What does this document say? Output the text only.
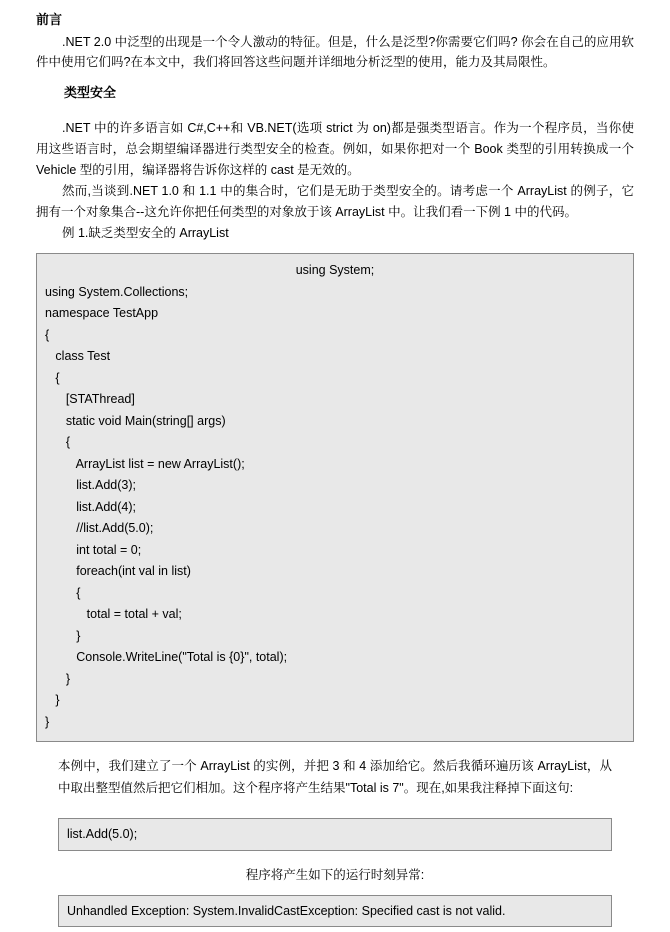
前言

.NET 2.0 中泛型的出现是一个令人激动的特征。但是，什么是泛型?你需要它们吗? 你会在自己的应用软件中使用它们吗?在本文中，我们将回答这些问题并详细地分析泛型的使用，能力及其局限性。

类型安全

.NET 中的许多语言如 C#,C++和 VB.NET(选项 strict 为 on)都是强类型语言。作为一个程序员，当你使用这些语言时，总会期望编译器进行类型安全的检查。例如，如果你把对一个 Book 类型的引用转换成一个 Vehicle 型的引用，编译器将告诉你这样的 cast 是无效的。

然而,当谈到.NET 1.0 和 1.1 中的集合时，它们是无助于类型安全的。请考虑一个 ArrayList 的例子，它拥有一个对象集合--这允许你把任何类型的对象放于该 ArrayList 中。让我们看一下例 1 中的代码。

例 1.缺乏类型安全的 ArrayList

using System;
using System.Collections;
namespace TestApp
{
class Test
{
[STAThread]
static void Main(string[] args)
{
ArrayList list = new ArrayList();
list.Add(3);
list.Add(4);
//list.Add(5.0);
int total = 0;
foreach(int val in list)
{
total = total + val;
}
Console.WriteLine("Total is {0}", total);
}
}
}

本例中，我们建立了一个 ArrayList 的实例，并把 3 和 4 添加给它。然后我循环遍历该 ArrayList，从中取出整型值然后把它们相加。这个程序将产生结果"Total is 7"。现在,如果我注释掉下面这句:

list.Add(5.0);

程序将产生如下的运行时刻异常:

Unhandled Exception: System.InvalidCastException: Specified cast is not valid.
